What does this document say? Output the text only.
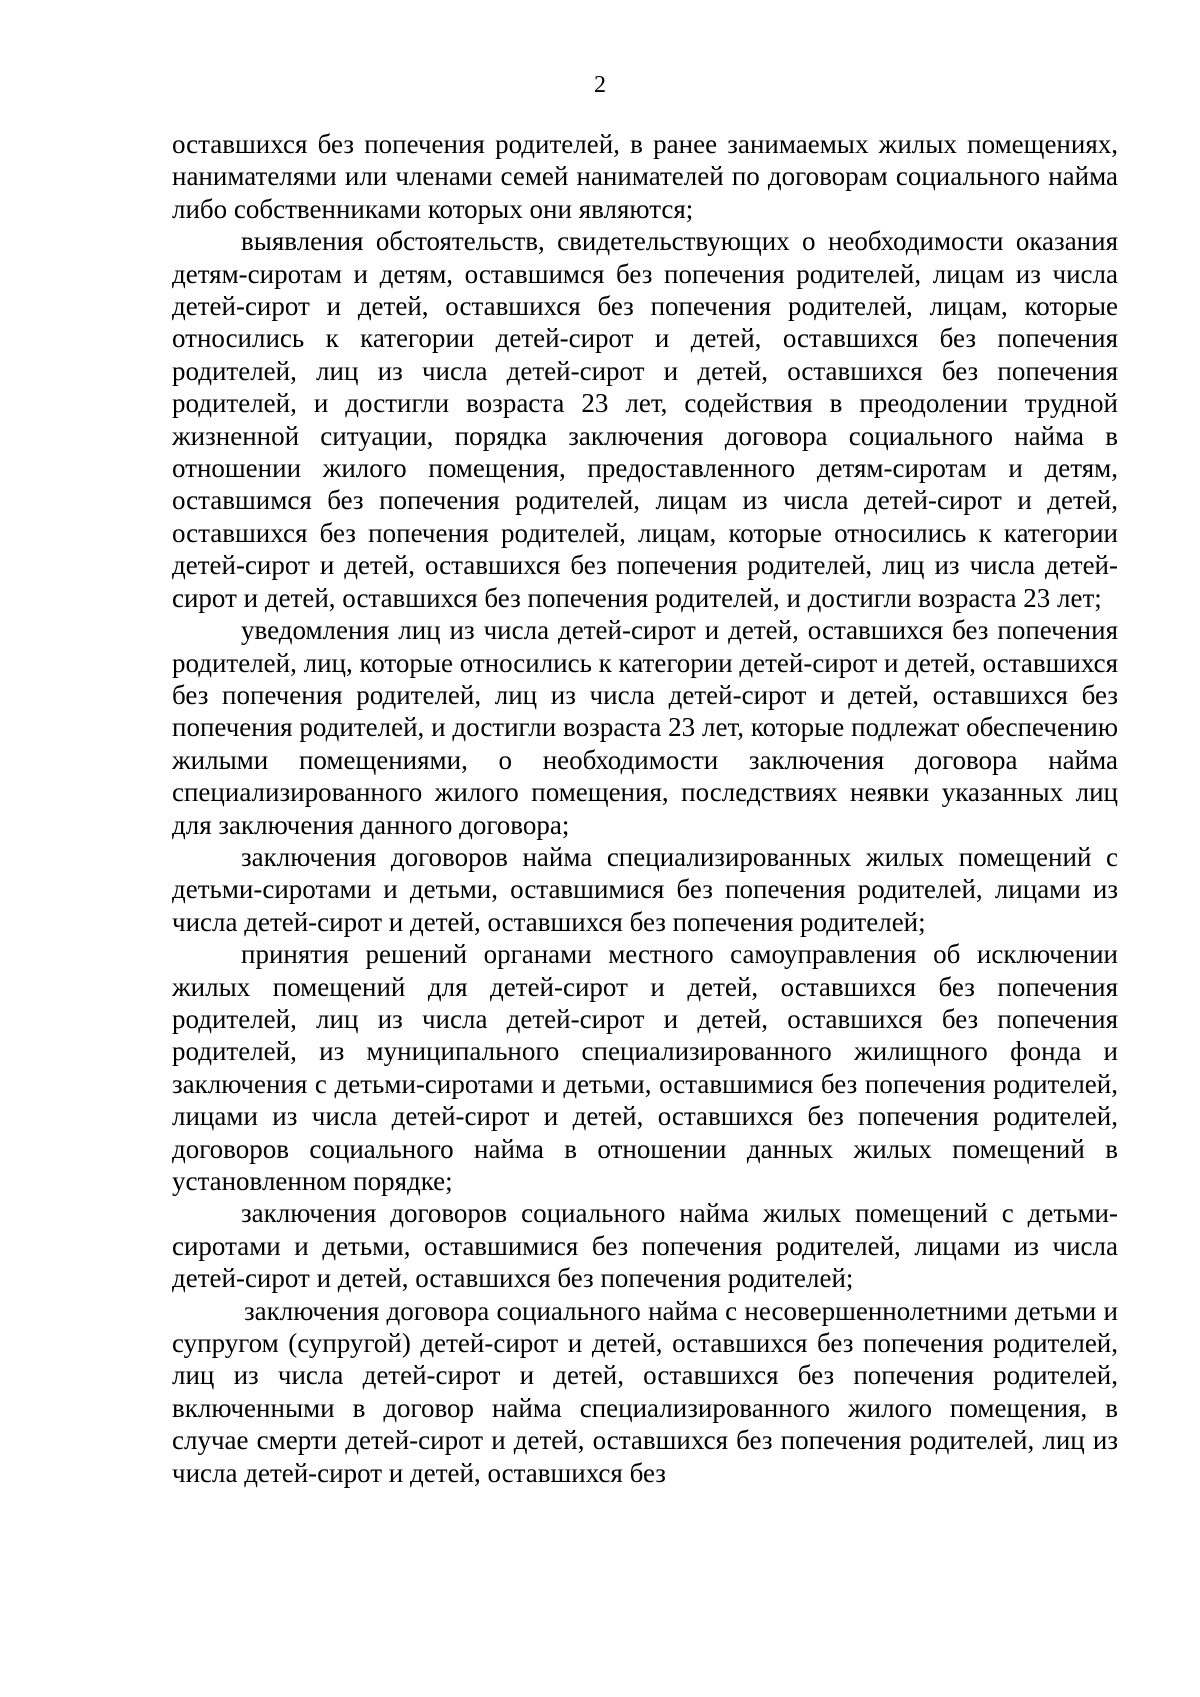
2

оставшихся без попечения родителей, в ранее занимаемых жилых помещениях, нанимателями или членами семей нанимателей по договорам социального найма либо собственниками которых они являются;

выявления обстоятельств, свидетельствующих о необходимости оказания детям-сиротам и детям, оставшимся без попечения родителей, лицам из числа детей-сирот и детей, оставшихся без попечения родителей, лицам, которые относились к категории детей-сирот и детей, оставшихся без попечения родителей, лиц из числа детей-сирот и детей, оставшихся без попечения родителей, и достигли возраста 23 лет, содействия в преодолении трудной жизненной ситуации, порядка заключения договора социального найма в отношении жилого помещения, предоставленного детям-сиротам и детям, оставшимся без попечения родителей, лицам из числа детей-сирот и детей, оставшихся без попечения родителей, лицам, которые относились к категории детей-сирот и детей, оставшихся без попечения родителей, лиц из числа детей-сирот и детей, оставшихся без попечения родителей, и достигли возраста 23 лет;

уведомления лиц из числа детей-сирот и детей, оставшихся без попечения родителей, лиц, которые относились к категории детей-сирот и детей, оставшихся без попечения родителей, лиц из числа детей-сирот и детей, оставшихся без попечения родителей, и достигли возраста 23 лет, которые подлежат обеспечению жилыми помещениями, о необходимости заключения договора найма специализированного жилого помещения, последствиях неявки указанных лиц для заключения данного договора;

заключения договоров найма специализированных жилых помещений с детьми-сиротами и детьми, оставшимися без попечения родителей, лицами из числа детей-сирот и детей, оставшихся без попечения родителей;

принятия решений органами местного самоуправления об исключении жилых помещений для детей-сирот и детей, оставшихся без попечения родителей, лиц из числа детей-сирот и детей, оставшихся без попечения родителей, из муниципального специализированного жилищного фонда и заключения с детьми-сиротами и детьми, оставшимися без попечения родителей, лицами из числа детей-сирот и детей, оставшихся без попечения родителей, договоров социального найма в отношении данных жилых помещений в установленном порядке;

заключения договоров социального найма жилых помещений с детьми-сиротами и детьми, оставшимися без попечения родителей, лицами из числа детей-сирот и детей, оставшихся без попечения родителей;

заключения договора социального найма с несовершеннолетними детьми и супругом (супругой) детей-сирот и детей, оставшихся без попечения родителей, лиц из числа детей-сирот и детей, оставшихся без попечения родителей, включенными в договор найма специализированного жилого помещения, в случае смерти детей-сирот и детей, оставшихся без попечения родителей, лиц из числа детей-сирот и детей, оставшихся без
